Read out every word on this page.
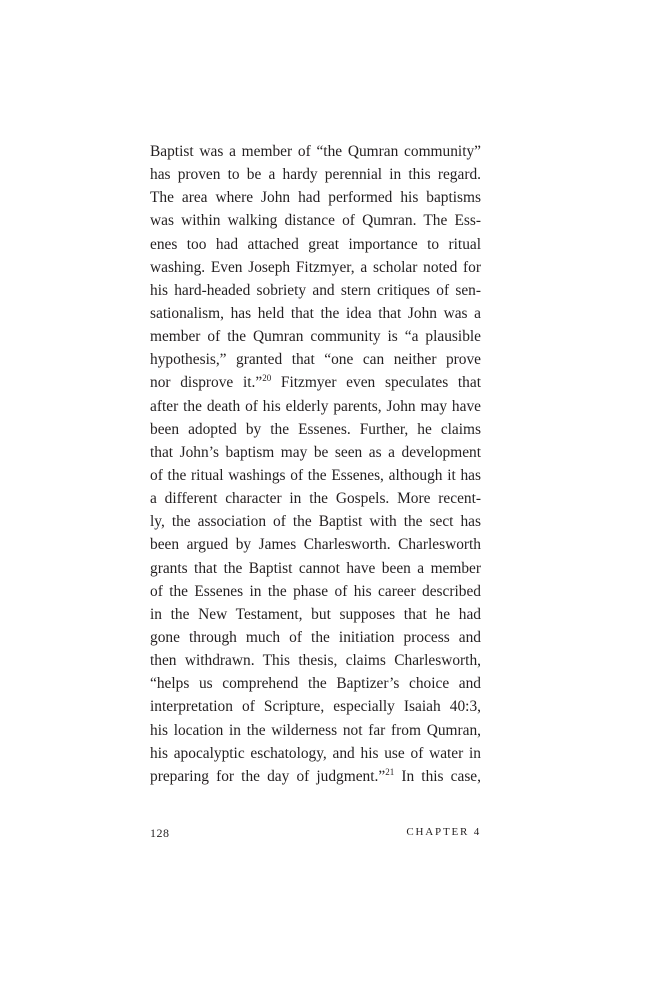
Baptist was a member of “the Qumran community”
has proven to be a hardy perennial in this regard.
The area where John had performed his baptisms
was within walking distance of Qumran. The Ess-
enes too had attached great importance to ritual
washing. Even Joseph Fitzmyer, a scholar noted for
his hard-headed sobriety and stern critiques of sen-
sationalism, has held that the idea that John was a
member of the Qumran community is “a plausible
hypothesis,” granted that “one can neither prove
nor disprove it.”$^{20}$ Fitzmyer even speculates that
after the death of his elderly parents, John may have
been adopted by the Essenes. Further, he claims
that John’s baptism may be seen as a development
of the ritual washings of the Essenes, although it has
a different character in the Gospels. More recent-
ly, the association of the Baptist with the sect has
been argued by James Charlesworth. Charlesworth
grants that the Baptist cannot have been a member
of the Essenes in the phase of his career described
in the New Testament, but supposes that he had
gone through much of the initiation process and
then withdrawn. This thesis, claims Charlesworth,
“helps us comprehend the Baptizer’s choice and
interpretation of Scripture, especially Isaiah 40:3,
his location in the wilderness not far from Qumran,
his apocalyptic eschatology, and his use of water in
preparing for the day of judgment.”$^{21}$ In this case,
128	CHAPTER 4
